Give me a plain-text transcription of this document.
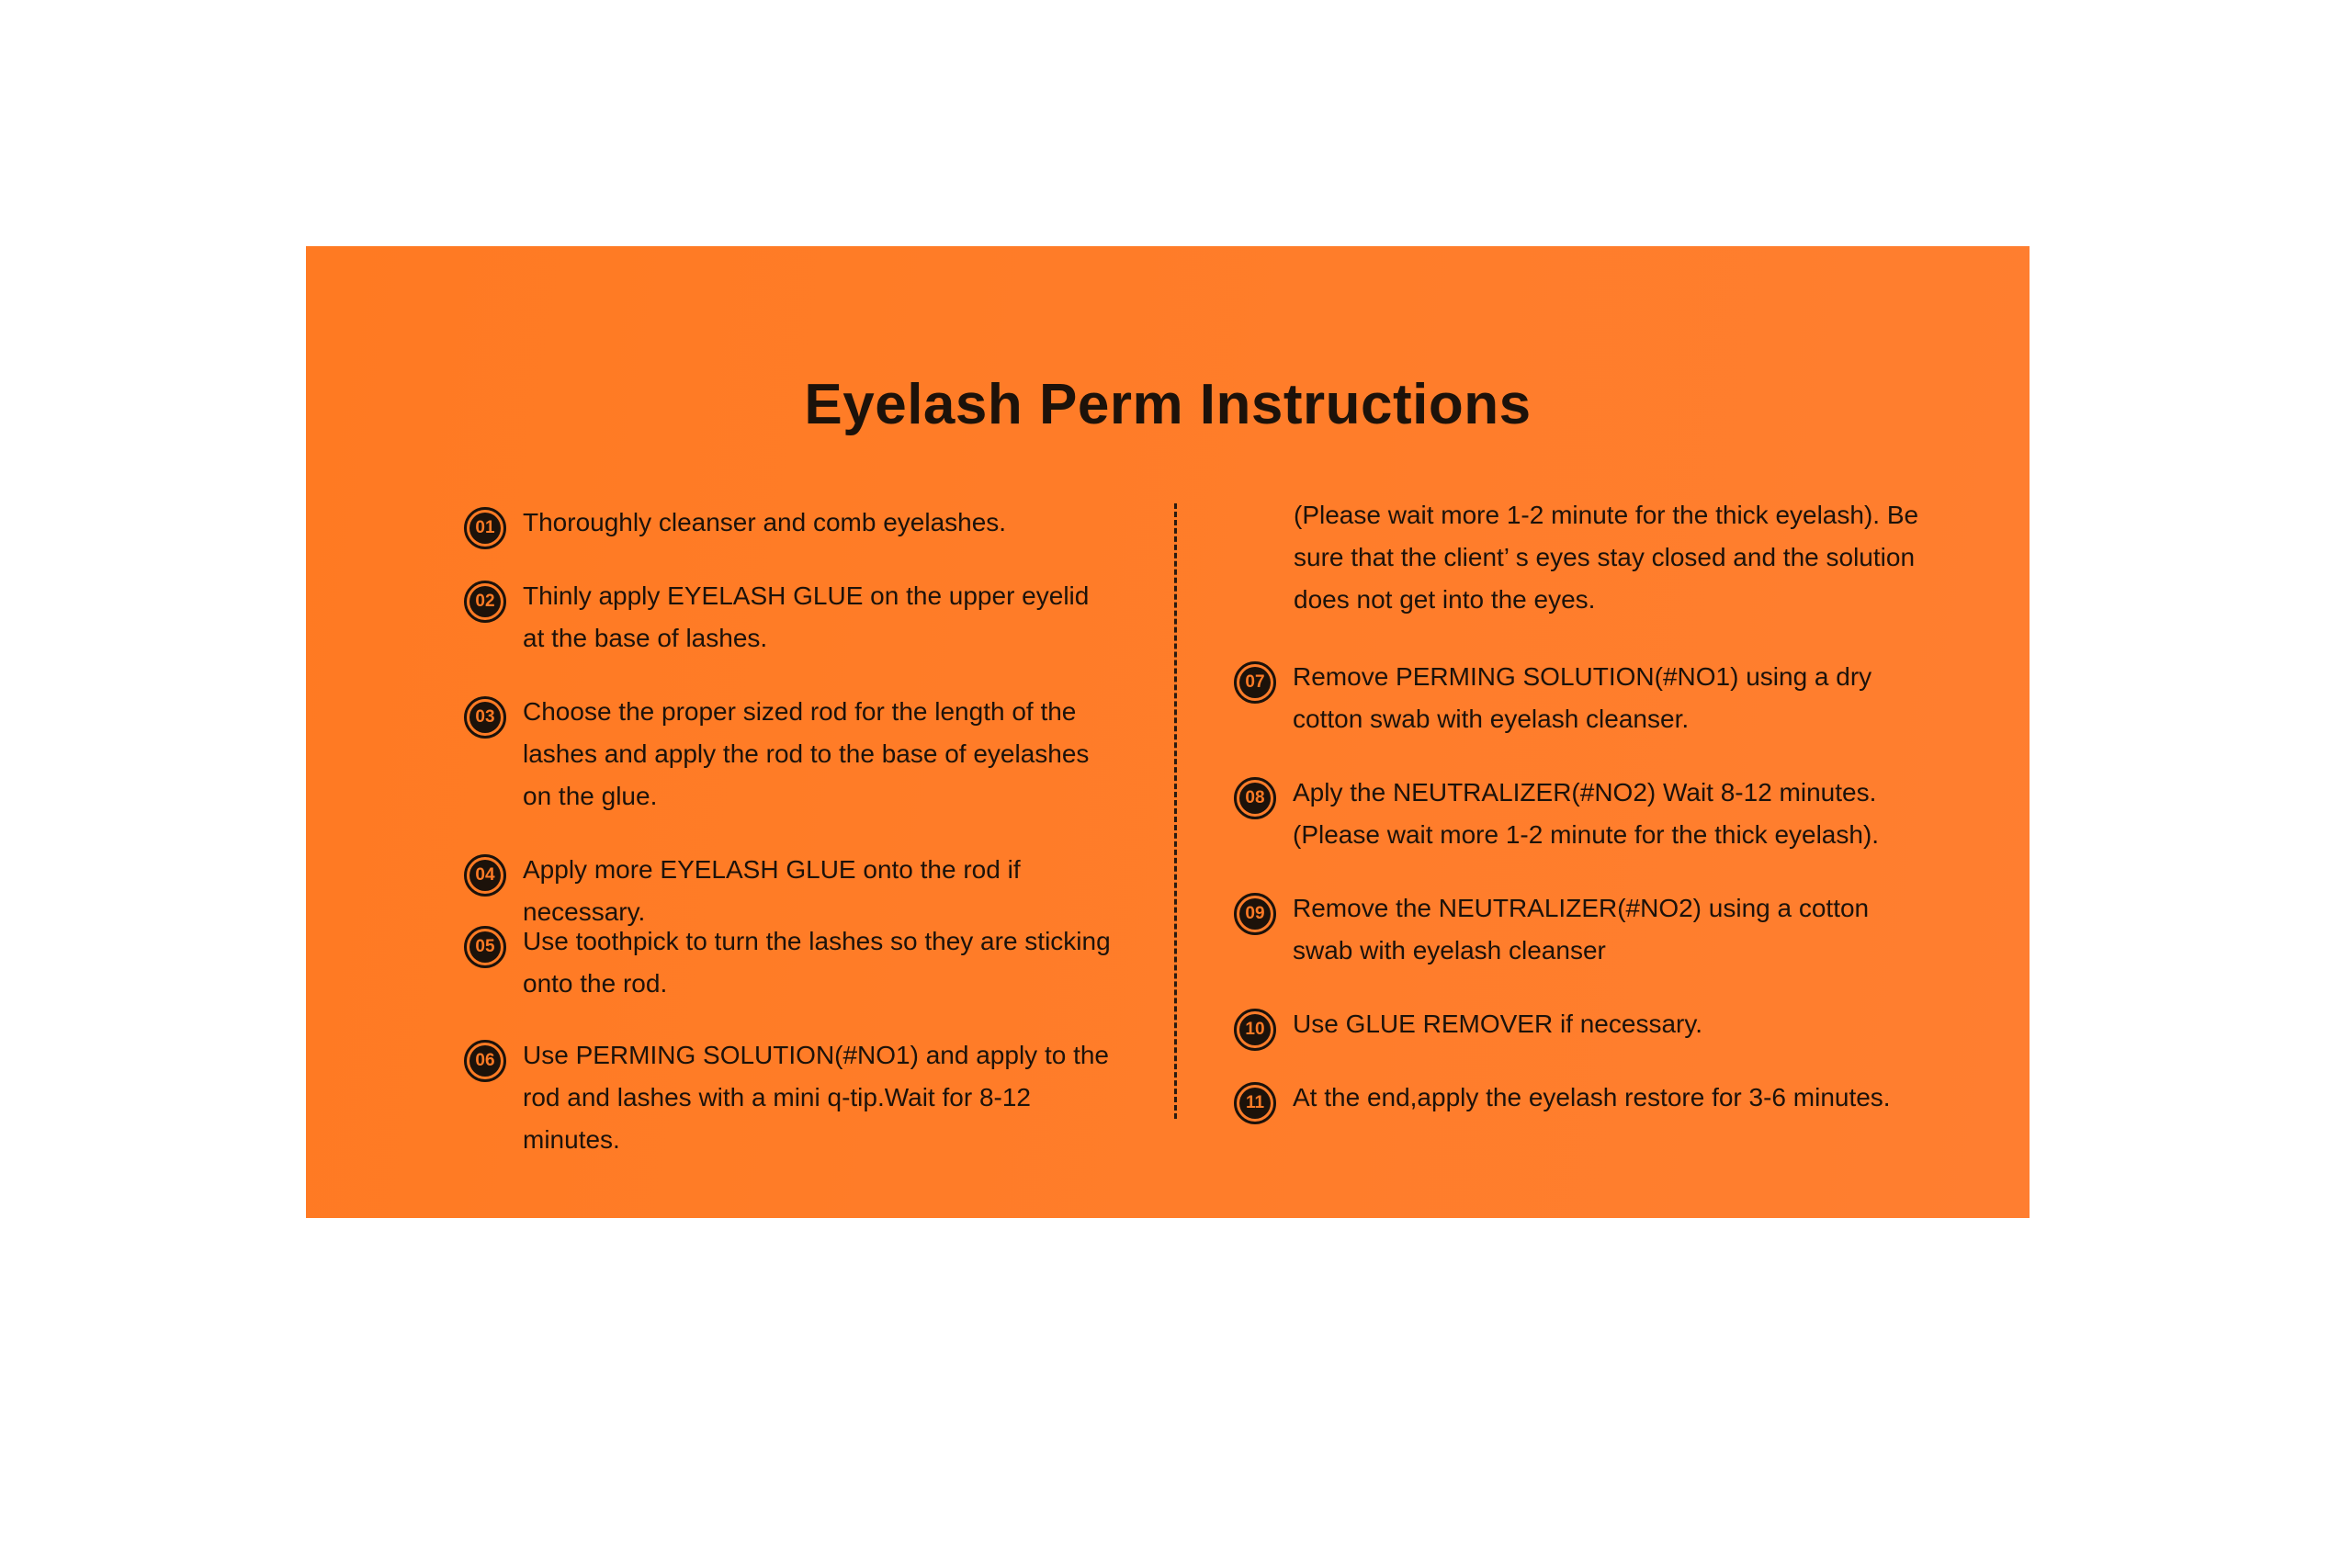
Eyelash Perm Instructions
01 Thoroughly cleanser and comb eyelashes.
02 Thinly apply EYELASH GLUE on the upper eyelid at the base of lashes.
03 Choose the proper sized rod for the length of the lashes and apply the rod to the base of eyelashes on the glue.
04 Apply more EYELASH GLUE onto the rod if necessary.
05 Use toothpick to turn the lashes so they are sticking onto the rod.
06 Use PERMING SOLUTION(#NO1) and apply to the rod and lashes with a mini q-tip.Wait for 8-12 minutes.
(Please wait more 1-2 minute for the thick eyelash). Be sure that the client’ s eyes stay closed and the solution does not get into the eyes.
07 Remove PERMING SOLUTION(#NO1) using a dry cotton swab with eyelash cleanser.
08 Aply the NEUTRALIZER(#NO2) Wait 8-12 minutes. (Please wait more 1-2 minute for the thick eyelash).
09 Remove the NEUTRALIZER(#NO2) using a cotton swab with eyelash cleanser
10 Use GLUE REMOVER if necessary.
11 At the end,apply the eyelash restore for 3-6 minutes.
